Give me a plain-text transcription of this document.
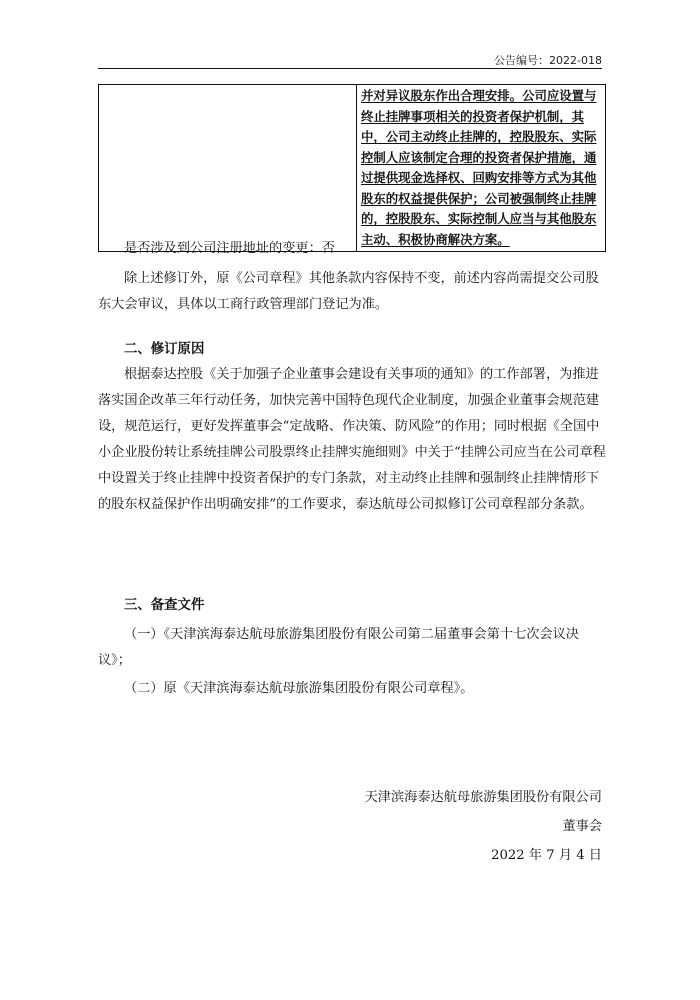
公告编号：2022-018
	并对异议股东作出合理安排。公司应设置与终止挂牌事项相关的投资者保护机制，其中，公司主动终止挂牌的，控股股东、实际控制人应该制定合理的投资者保护措施，通过提供现金选择权、回购安排等方式为其他股东的权益提供保护；公司被强制终止挂牌的，控股股东、实际控制人应当与其他股东主动、积极协商解决方案。

是否涉及到公司注册地址的变更：否

除上述修订外，原《公司章程》其他条款内容保持不变，前述内容尚需提交公司股东大会审议，具体以工商行政管理部门登记为准。

二、修订原因

根据泰达控股《关于加强子企业董事会建设有关事项的通知》的工作部署，为推进落实国企改革三年行动任务，加快完善中国特色现代企业制度，加强企业董事会规范建设，规范运行，更好发挥董事会“定战略、作决策、防风险”的作用；同时根据《全国中小企业股份转让系统挂牌公司股票终止挂牌实施细则》中关于“挂牌公司应当在公司章程中设置关于终止挂牌中投资者保护的专门条款，对主动终止挂牌和强制终止挂牌情形下的股东权益保护作出明确安排”的工作要求，泰达航母公司拟修订公司章程部分条款。

三、备查文件

（一）《天津滨海泰达航母旅游集团股份有限公司第二届董事会第十七次会议决议》；

（二）原《天津滨海泰达航母旅游集团股份有限公司章程》。

天津滨海泰达航母旅游集团股份有限公司

董事会

2022 年 7 月 4 日
